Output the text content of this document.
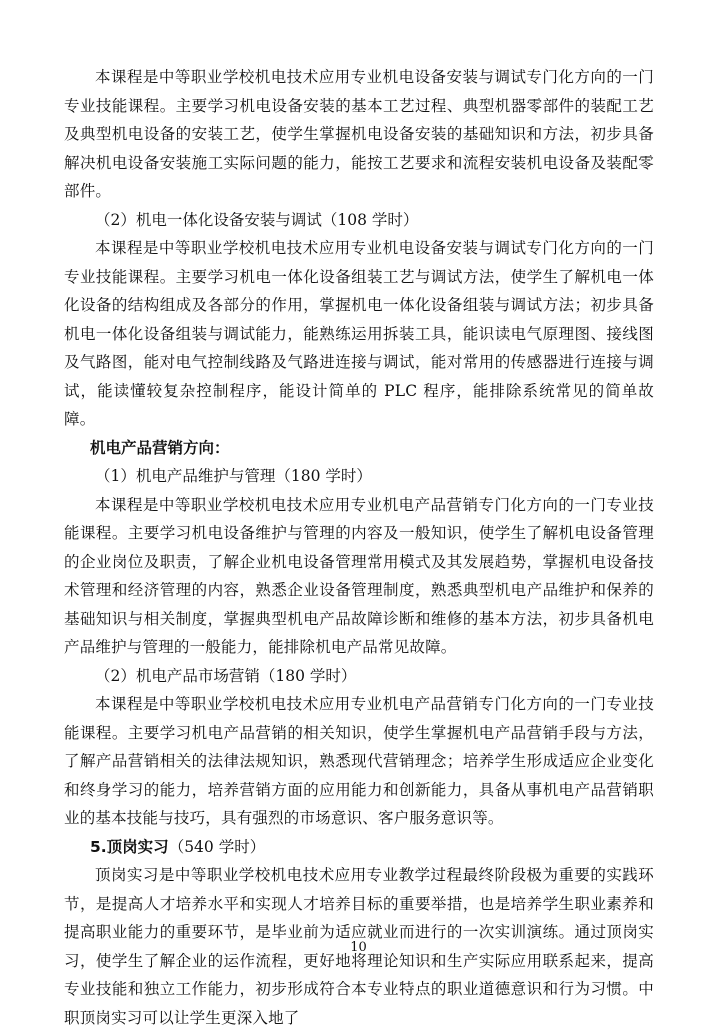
本课程是中等职业学校机电技术应用专业机电设备安装与调试专门化方向的一门专业技能课程。主要学习机电设备安装的基本工艺过程、典型机器零部件的装配工艺及典型机电设备的安装工艺，使学生掌握机电设备安装的基础知识和方法，初步具备解决机电设备安装施工实际问题的能力，能按工艺要求和流程安装机电设备及装配零部件。

（2）机电一体化设备安装与调试（108 学时）

本课程是中等职业学校机电技术应用专业机电设备安装与调试专门化方向的一门专业技能课程。主要学习机电一体化设备组装工艺与调试方法，使学生了解机电一体化设备的结构组成及各部分的作用，掌握机电一体化设备组装与调试方法；初步具备机电一体化设备组装与调试能力，能熟练运用拆装工具，能识读电气原理图、接线图及气路图，能对电气控制线路及气路进连接与调试，能对常用的传感器进行连接与调试，能读懂较复杂控制程序，能设计简单的 PLC 程序，能排除系统常见的简单故障。

机电产品营销方向：

（1）机电产品维护与管理（180 学时）

本课程是中等职业学校机电技术应用专业机电产品营销专门化方向的一门专业技能课程。主要学习机电设备维护与管理的内容及一般知识，使学生了解机电设备管理的企业岗位及职责，了解企业机电设备管理常用模式及其发展趋势，掌握机电设备技术管理和经济管理的内容，熟悉企业设备管理制度，熟悉典型机电产品维护和保养的基础知识与相关制度，掌握典型机电产品故障诊断和维修的基本方法，初步具备机电产品维护与管理的一般能力，能排除机电产品常见故障。

（2）机电产品市场营销（180 学时）

本课程是中等职业学校机电技术应用专业机电产品营销专门化方向的一门专业技能课程。主要学习机电产品营销的相关知识，使学生掌握机电产品营销手段与方法，了解产品营销相关的法律法规知识，熟悉现代营销理念；培养学生形成适应企业变化和终身学习的能力，培养营销方面的应用能力和创新能力，具备从事机电产品营销职业的基本技能与技巧，具有强烈的市场意识、客户服务意识等。

5.顶岗实习（540 学时）

顶岗实习是中等职业学校机电技术应用专业教学过程最终阶段极为重要的实践环节，是提高人才培养水平和实现人才培养目标的重要举措，也是培养学生职业素养和提高职业能力的重要环节，是毕业前为适应就业而进行的一次实训演练。通过顶岗实习，使学生了解企业的运作流程，更好地将理论知识和生产实际应用联系起来，提高专业技能和独立工作能力，初步形成符合本专业特点的职业道德意识和行为习惯。中职顶岗实习可以让学生更深入地了

10
